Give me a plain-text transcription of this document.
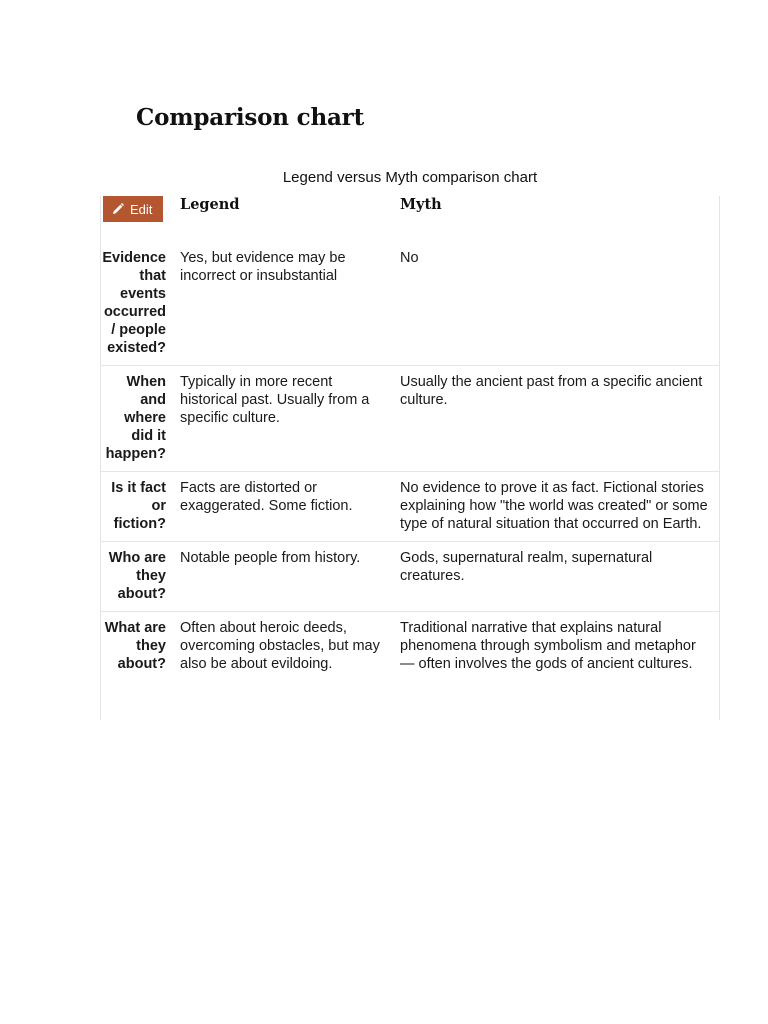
Comparison chart
Legend versus Myth comparison chart
Edit	Legend	Myth
Evidence that events occurred / people existed?	Yes, but evidence may be incorrect or insubstantial	No
When and where did it happen?	Typically in more recent historical past. Usually from a specific culture.	Usually the ancient past from a specific ancient culture.
Is it fact or fiction?	Facts are distorted or exaggerated. Some fiction.	No evidence to prove it as fact. Fictional stories explaining how "the world was created" or some type of natural situation that occurred on Earth.
Who are they about?	Notable people from history.	Gods, supernatural realm, supernatural creatures.
What are they about?	Often about heroic deeds, overcoming obstacles, but may also be about evildoing.	Traditional narrative that explains natural phenomena through symbolism and metaphor — often involves the gods of ancient cultures.
